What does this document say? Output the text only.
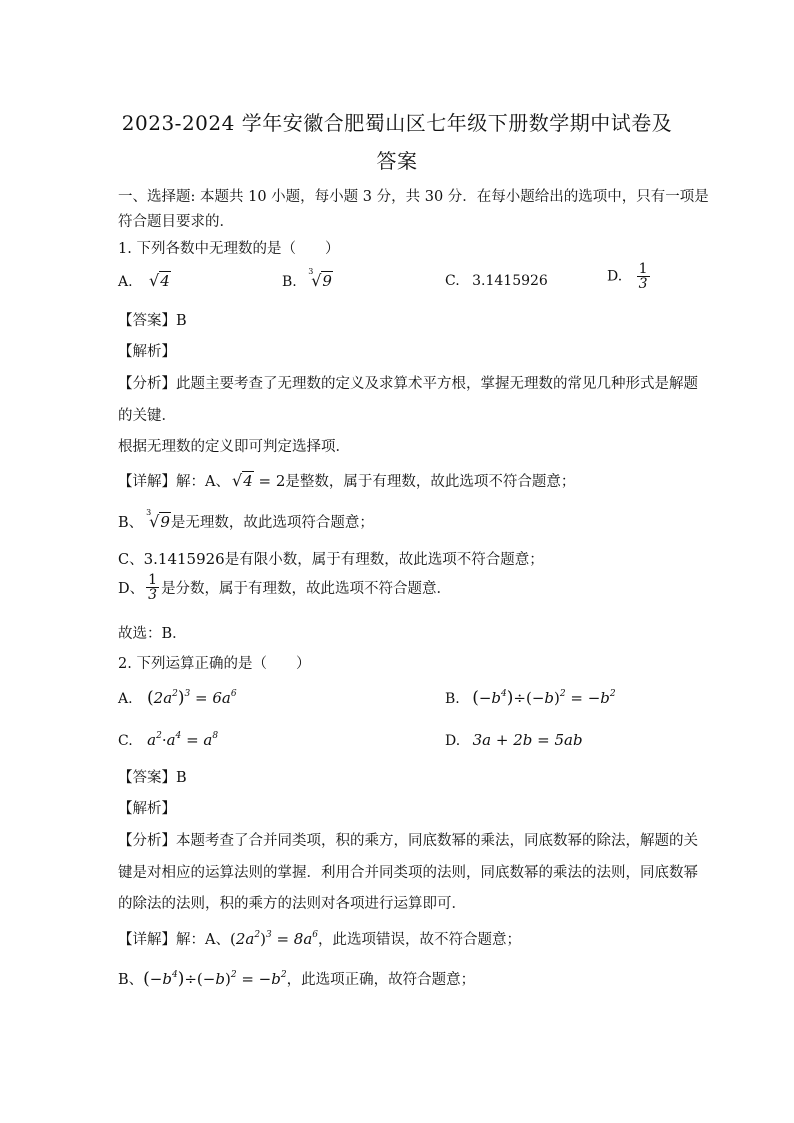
2023-2024 学年安徽合肥蜀山区七年级下册数学期中试卷及
答案
一、选择题: 本题共 10 小题，每小题 3 分，共 30 分．在每小题给出的选项中，只有一项是
符合题目要求的．
1. 下列各数中无理数的是（　　）
A. √4	B.
3
√9	C. 3.1415926	D. $\frac{1}{3}$
【答案】B
【解析】
【分析】此题主要考查了无理数的定义及求算术平方根，掌握无理数的常见几种形式是解题
的关键．
根据无理数的定义即可判定选择项．
【详解】解：A、 √4 = 2是整数，属于有理数，故此选项不符合题意；
B、
3
√9是无理数，故此选项符合题意；
C、3.1415926是有限小数，属于有理数，故此选项不符合题意；
D、 $\frac{1}{3}$ 是分数，属于有理数，故此选项不符合题意．
故选：B．
2. 下列运算正确的是（　　）
A. $(2a^2)^3 = 6a^6$	B. $(-b^4)\div(-b)^2 = -b^2$
C. $a^2\cdot a^4 = a^8$	D. 3a + 2b = 5ab
【答案】B
【解析】
【分析】本题考查了合并同类项，积的乘方，同底数幂的乘法，同底数幂的除法，解题的关
键是对相应的运算法则的掌握．利用合并同类项的法则，同底数幂的乘法的法则，同底数幂
的除法的法则，积的乘方的法则对各项进行运算即可．
【详解】解：A、$(2a^2)^3 = 8a^6$，此选项错误，故不符合题意；
B、$(-b^4)\div(-b)^2 = -b^2$，此选项正确，故符合题意；
